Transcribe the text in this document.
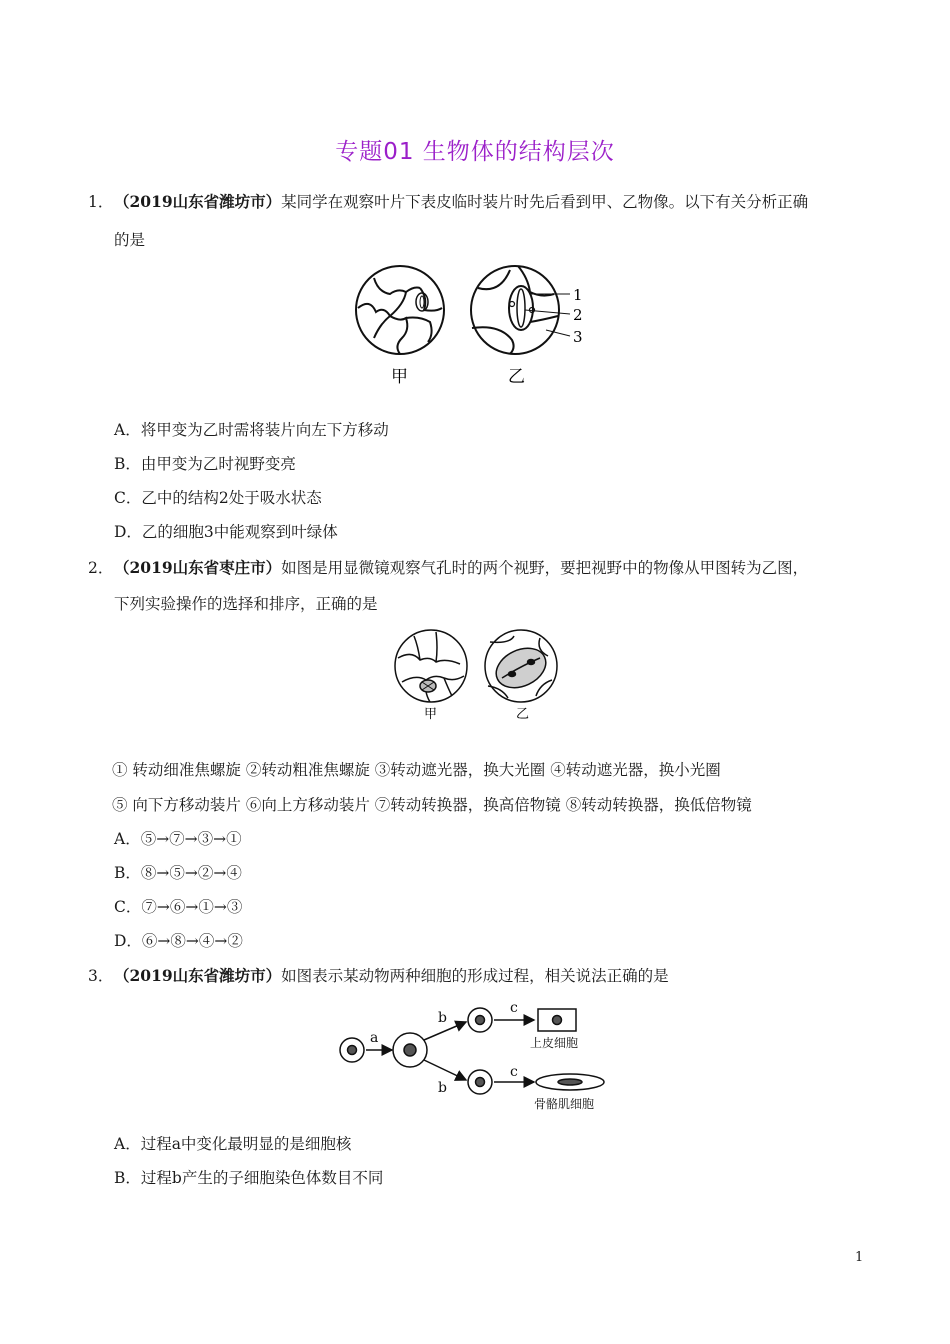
专题01 生物体的结构层次
1． （2019山东省潍坊市）某同学在观察叶片下表皮临时装片时先后看到甲、乙物像。以下有关分析正确
的是
1
2
3
甲	乙
A．将甲变为乙时需将装片向左下方移动
B．由甲变为乙时视野变亮
C．乙中的结构2处于吸水状态
D．乙的细胞3中能观察到叶绿体
2． （2019山东省枣庄市）如图是用显微镜观察气孔时的两个视野，要把视野中的物像从甲图转为乙图，
下列实验操作的选择和排序，正确的是
甲	乙
① 转动细准焦螺旋 ②转动粗准焦螺旋 ③转动遮光器，换大光圈 ④转动遮光器，换小光圈
⑤ 向下方移动装片 ⑥向上方移动装片 ⑦转动转换器，换高倍物镜 ⑧转动转换器，换低倍物镜
A．⑤→⑦→③→①
B．⑧→⑤→②→④
C．⑦→⑥→①→③
D．⑥→⑧→④→②
3． （2019山东省潍坊市）如图表示某动物两种细胞的形成过程，相关说法正确的是
a
b
b
c
c
上皮细胞
骨骼肌细胞
A．过程a中变化最明显的是细胞核
B．过程b产生的子细胞染色体数目不同
1
